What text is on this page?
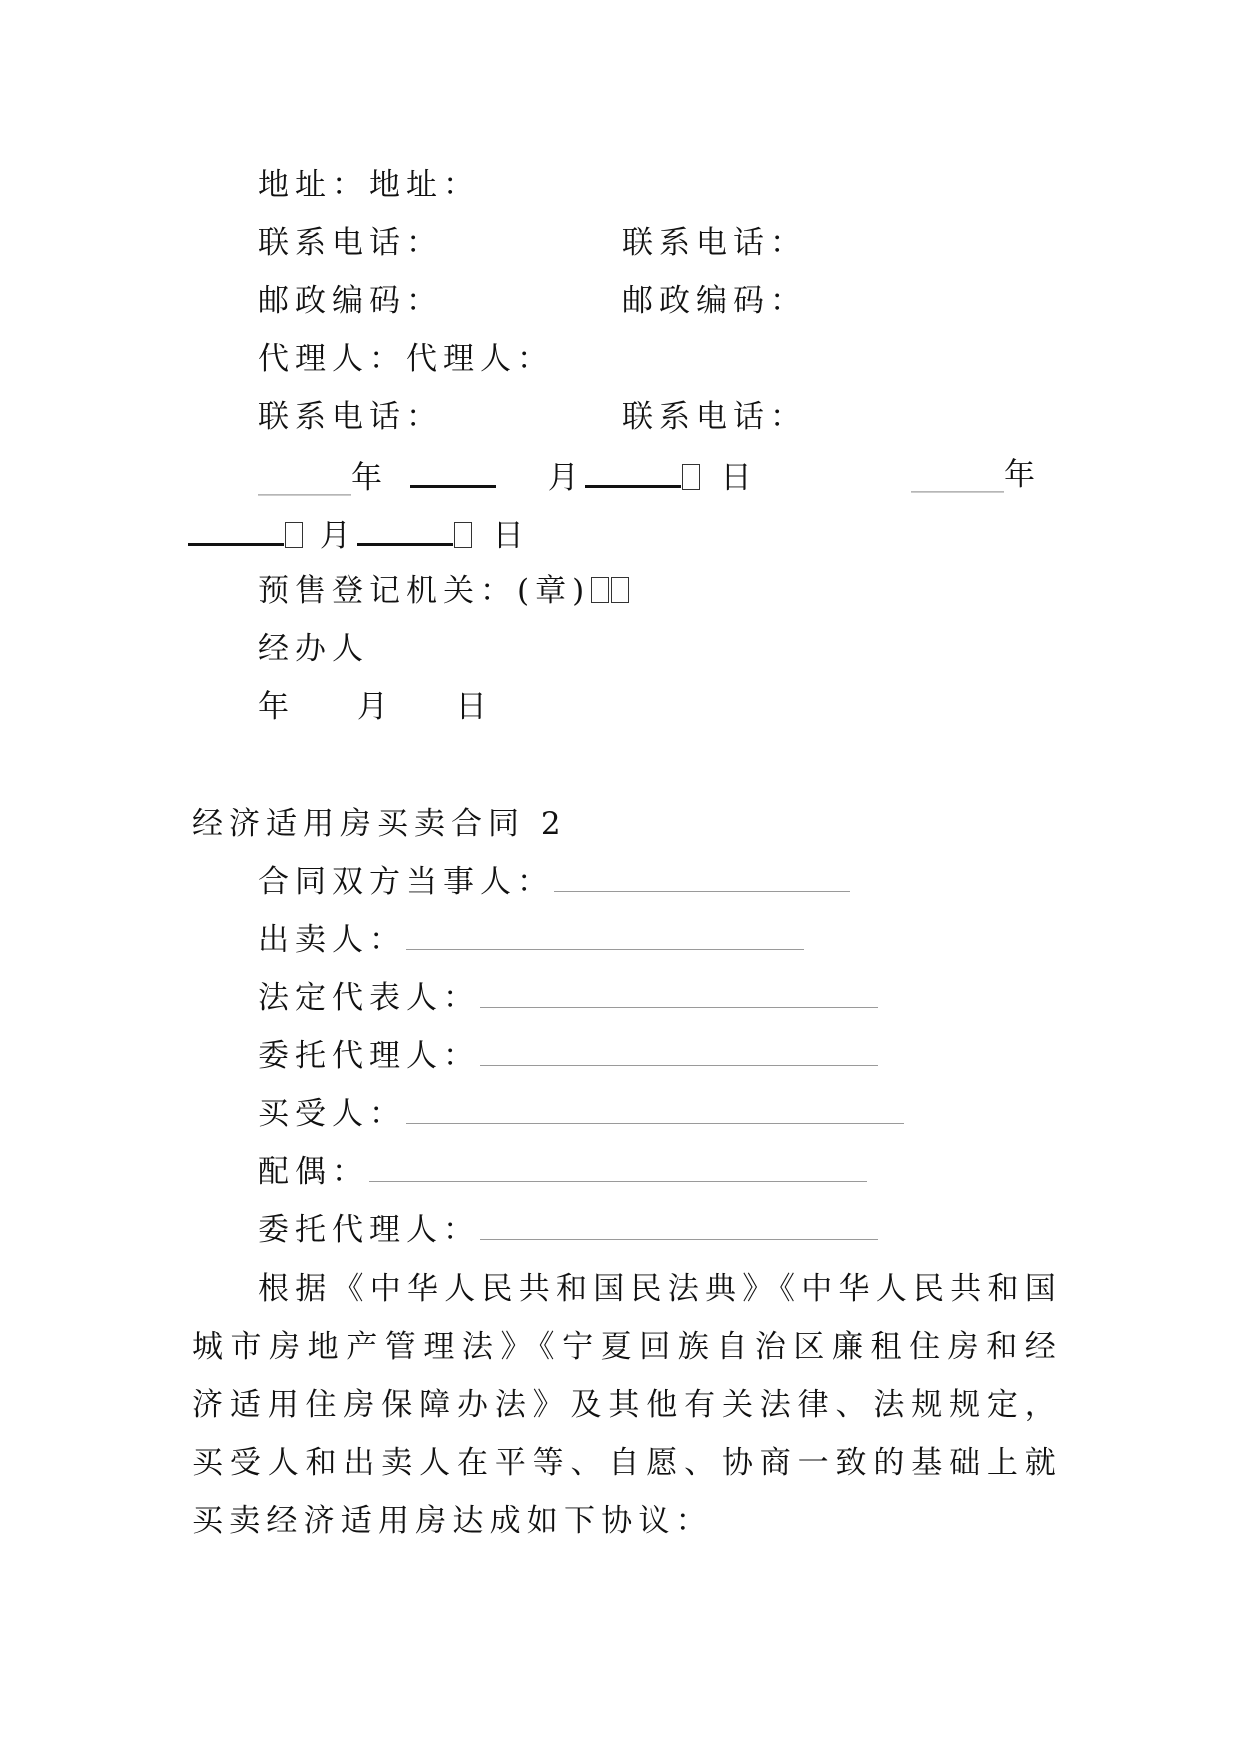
地址：地址：
联系电话：	联系电话：
邮政编码：	邮政编码：
代理人：代理人：
联系电话：	联系电话：
______年	月	日	______年
月	日
预售登记机关：(章)
经办人
年 月 日
经济适用房买卖合同 2
合同双方当事人：
出卖人：
法定代表人：
委托代理人：
买受人：
配偶：
委托代理人：
根据《中华人民共和国民法典》《中华人民共和国城市房地产管理法》《宁夏回族自治区廉租住房和经济适用住房保障办法》及其他有关法律、法规规定，买受人和出卖人在平等、自愿、协商一致的基础上就买卖经济适用房达成如下协议：
